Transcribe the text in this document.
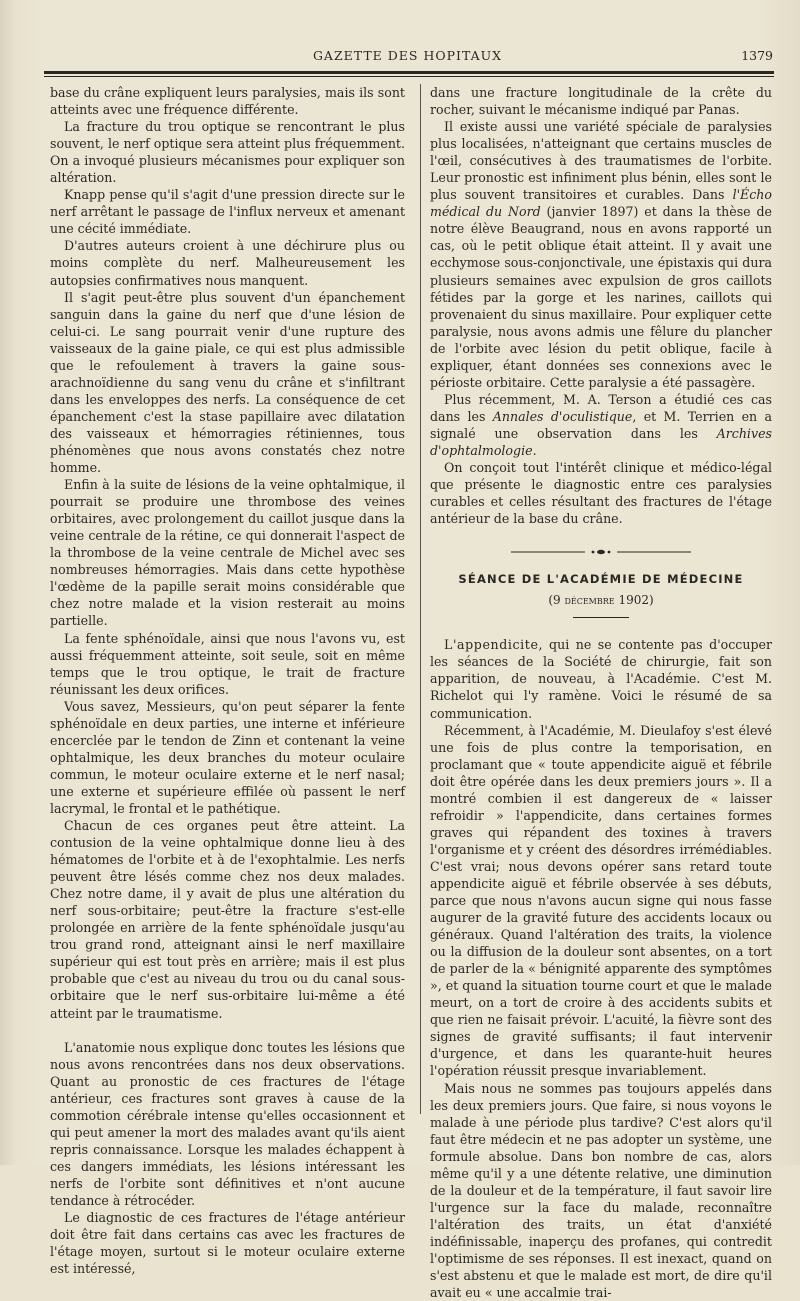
GAZETTE DES HOPITAUX	1379

base du crâne expliquent leurs paralysies, mais ils sont atteints avec une fréquence différente.

La fracture du trou optique se rencontrant le plus souvent, le nerf optique sera atteint plus fréquemment. On a invoqué plusieurs mécanismes pour expliquer son altération.

Knapp pense qu'il s'agit d'une pression directe sur le nerf arrêtant le passage de l'influx nerveux et amenant une cécité immédiate.

D'autres auteurs croient à une déchirure plus ou moins complète du nerf. Malheureusement les autopsies confirmatives nous manquent.

Il s'agit peut-être plus souvent d'un épanchement sanguin dans la gaine du nerf que d'une lésion de celui-ci. Le sang pourrait venir d'une rupture des vaisseaux de la gaine piale, ce qui est plus admissible que le refoulement à travers la gaine sous-arachnoïdienne du sang venu du crâne et s'infiltrant dans les enveloppes des nerfs. La conséquence de cet épanchement c'est la stase papillaire avec dilatation des vaisseaux et hémorragies rétiniennes, tous phénomènes que nous avons constatés chez notre homme.

Enfin à la suite de lésions de la veine ophtalmique, il pourrait se produire une thrombose des veines orbitaires, avec prolongement du caillot jusque dans la veine centrale de la rétine, ce qui donnerait l'aspect de la thrombose de la veine centrale de Michel avec ses nombreuses hémorragies. Mais dans cette hypothèse l'œdème de la papille serait moins considérable que chez notre malade et la vision resterait au moins partielle.

La fente sphénoïdale, ainsi que nous l'avons vu, est aussi fréquemment atteinte, soit seule, soit en même temps que le trou optique, le trait de fracture réunissant les deux orifices.

Vous savez, Messieurs, qu'on peut séparer la fente sphénoïdale en deux parties, une interne et inférieure encerclée par le tendon de Zinn et contenant la veine ophtalmique, les deux branches du moteur oculaire commun, le moteur oculaire externe et le nerf nasal; une externe et supérieure effilée où passent le nerf lacrymal, le frontal et le pathétique.

Chacun de ces organes peut être atteint. La contusion de la veine ophtalmique donne lieu à des hématomes de l'orbite et à de l'exophtalmie. Les nerfs peuvent être lésés comme chez nos deux malades. Chez notre dame, il y avait de plus une altération du nerf sous-orbitaire; peut-être la fracture s'est-elle prolongée en arrière de la fente sphénoïdale jusqu'au trou grand rond, atteignant ainsi le nerf maxillaire supérieur qui est tout près en arrière; mais il est plus probable que c'est au niveau du trou ou du canal sous-orbitaire que le nerf sus-orbitaire lui-même a été atteint par le traumatisme.

L'anatomie nous explique donc toutes les lésions que nous avons rencontrées dans nos deux observations. Quant au pronostic de ces fractures de l'étage antérieur, ces fractures sont graves à cause de la commotion cérébrale intense qu'elles occasionnent et qui peut amener la mort des malades avant qu'ils aient repris connaissance. Lorsque les malades échappent à ces dangers immédiats, les lésions intéressant les nerfs de l'orbite sont définitives et n'ont aucune tendance à rétrocéder.

Le diagnostic de ces fractures de l'étage antérieur doit être fait dans certains cas avec les fractures de l'étage moyen, surtout si le moteur oculaire externe est intéressé,

dans une fracture longitudinale de la crête du rocher, suivant le mécanisme indiqué par Panas.

Il existe aussi une variété spéciale de paralysies plus localisées, n'atteignant que certains muscles de l'œil, consécutives à des traumatismes de l'orbite. Leur pronostic est infiniment plus bénin, elles sont le plus souvent transitoires et curables. Dans l'Écho médical du Nord (janvier 1897) et dans la thèse de notre élève Beaugrand, nous en avons rapporté un cas, où le petit oblique était atteint. Il y avait une ecchymose sous-conjonctivale, une épistaxis qui dura plusieurs semaines avec expulsion de gros caillots fétides par la gorge et les narines, caillots qui provenaient du sinus maxillaire. Pour expliquer cette paralysie, nous avons admis une fêlure du plancher de l'orbite avec lésion du petit oblique, facile à expliquer, étant données ses connexions avec le périoste orbitaire. Cette paralysie a été passagère.

Plus récemment, M. A. Terson a étudié ces cas dans les Annales d'oculistique, et M. Terrien en a signalé une observation dans les Archives d'ophtalmologie.

On conçoit tout l'intérêt clinique et médico-légal que présente le diagnostic entre ces paralysies curables et celles résultant des fractures de l'étage antérieur de la base du crâne.

SÉANCE DE L'ACADÉMIE DE MÉDECINE
(9 décembre 1902)

L'appendicite, qui ne se contente pas d'occuper les séances de la Société de chirurgie, fait son apparition, de nouveau, à l'Académie. C'est M. Richelot qui l'y ramène. Voici le résumé de sa communication.

Récemment, à l'Académie, M. Dieulafoy s'est élevé une fois de plus contre la temporisation, en proclamant que « toute appendicite aiguë et fébrile doit être opérée dans les deux premiers jours ». Il a montré combien il est dangereux de « laisser refroidir » l'appendicite, dans certaines formes graves qui répandent des toxines à travers l'organisme et y créent des désordres irrémédiables. C'est vrai; nous devons opérer sans retard toute appendicite aiguë et fébrile observée à ses débuts, parce que nous n'avons aucun signe qui nous fasse augurer de la gravité future des accidents locaux ou généraux. Quand l'altération des traits, la violence ou la diffusion de la douleur sont absentes, on a tort de parler de la « bénignité apparente des symptômes », et quand la situation tourne court et que le malade meurt, on a tort de croire à des accidents subits et que rien ne faisait prévoir. L'acuité, la fièvre sont des signes de gravité suffisants; il faut intervenir d'urgence, et dans les quarante-huit heures l'opération réussit presque invariablement.

Mais nous ne sommes pas toujours appelés dans les deux premiers jours. Que faire, si nous voyons le malade à une période plus tardive? C'est alors qu'il faut être médecin et ne pas adopter un système, une formule absolue. Dans bon nombre de cas, alors même qu'il y a une détente relative, une diminution de la douleur et de la température, il faut savoir lire l'urgence sur la face du malade, reconnaître l'altération des traits, un état d'anxiété indéfinissable, inaperçu des profanes, qui contredit l'optimisme de ses réponses. Il est inexact, quand on s'est abstenu et que le malade est mort, de dire qu'il avait eu « une accalmie trai-
